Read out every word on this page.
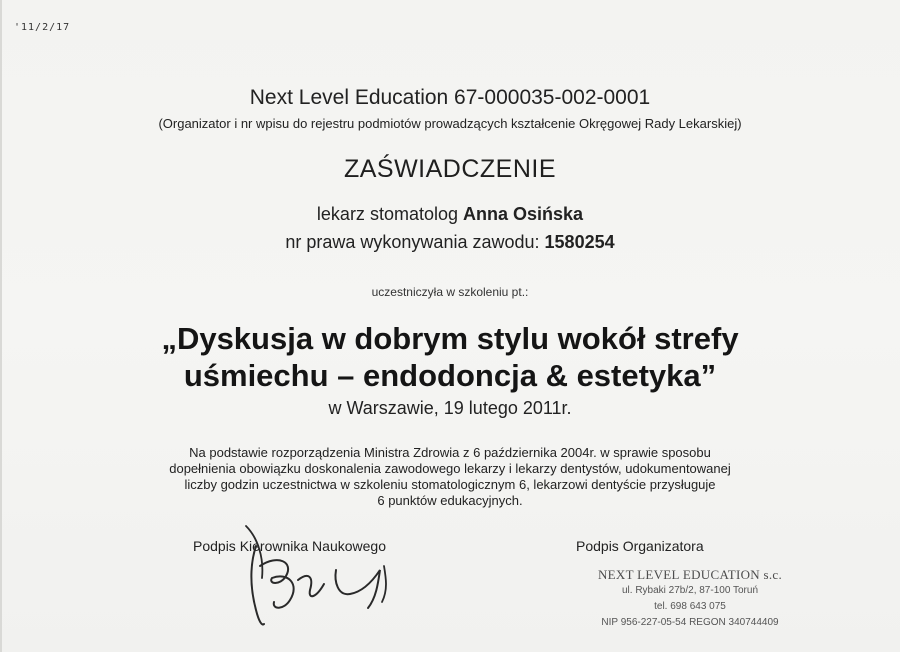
'11/2/17
Next Level Education 67-000035-002-0001
(Organizator i nr wpisu do rejestru podmiotów prowadzących kształcenie Okręgowej Rady Lekarskiej)
ZAŚWIADCZENIE
lekarz stomatolog Anna Osińska
nr prawa wykonywania zawodu: 1580254
uczestniczyła w szkoleniu pt.:
„Dyskusja w dobrym stylu wokół strefy
uśmiechu – endodoncja & estetyka”
w Warszawie, 19 lutego 2011r.
Na podstawie rozporządzenia Ministra Zdrowia z 6 października 2004r. w sprawie sposobu
dopełnienia obowiązku doskonalenia zawodowego lekarzy i lekarzy dentystów, udokumentowanej
liczby godzin uczestnictwa w szkoleniu stomatologicznym 6, lekarzowi dentyście przysługuje
6 punktów edukacyjnych.
Podpis Kierownika Naukowego	Podpis Organizatora
NEXT LEVEL EDUCATION s.c.
ul. Rybaki 27b/2, 87-100 Toruń
tel. 698 643 075
NIP 956-227-05-54 REGON 340744409
